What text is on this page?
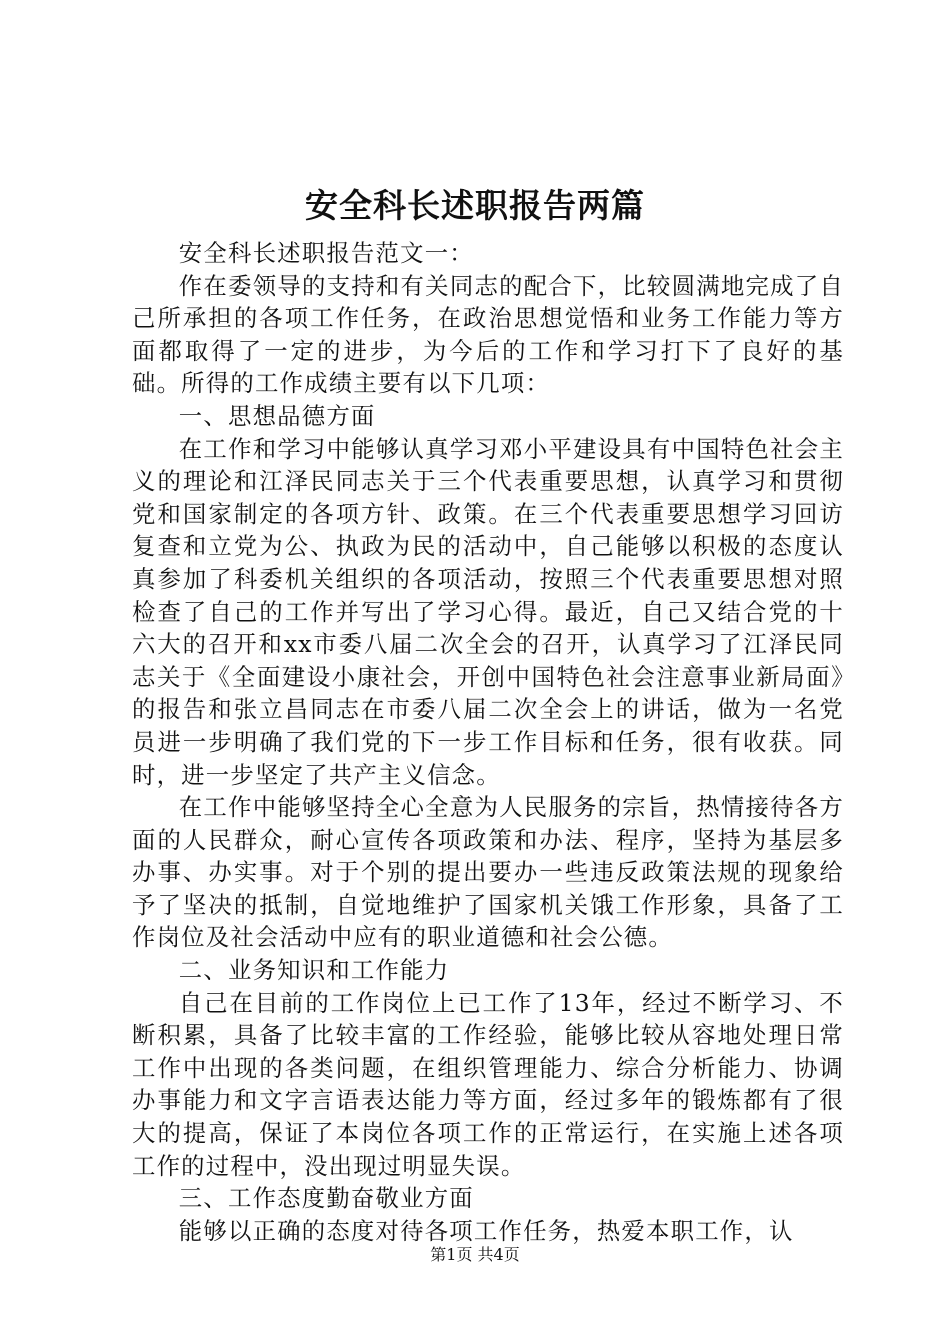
安全科长述职报告两篇

安全科长述职报告范文一：

作在委领导的支持和有关同志的配合下，比较圆满地完成了自己所承担的各项工作任务，在政治思想觉悟和业务工作能力等方面都取得了一定的进步，为今后的工作和学习打下了良好的基础。所得的工作成绩主要有以下几项：

一、思想品德方面

在工作和学习中能够认真学习邓小平建设具有中国特色社会主义的理论和江泽民同志关于三个代表重要思想，认真学习和贯彻党和国家制定的各项方针、政策。在三个代表重要思想学习回访复查和立党为公、执政为民的活动中，自己能够以积极的态度认真参加了科委机关组织的各项活动，按照三个代表重要思想对照检查了自己的工作并写出了学习心得。最近，自己又结合党的十六大的召开和xx市委八届二次全会的召开，认真学习了江泽民同志关于《全面建设小康社会，开创中国特色社会注意事业新局面》的报告和张立昌同志在市委八届二次全会上的讲话，做为一名党员进一步明确了我们党的下一步工作目标和任务，很有收获。同时，进一步坚定了共产主义信念。

在工作中能够坚持全心全意为人民服务的宗旨，热情接待各方面的人民群众，耐心宣传各项政策和办法、程序，坚持为基层多办事、办实事。对于个别的提出要办一些违反政策法规的现象给予了坚决的抵制，自觉地维护了国家机关饿工作形象，具备了工作岗位及社会活动中应有的职业道德和社会公德。

二、业务知识和工作能力

自己在目前的工作岗位上已工作了13年，经过不断学习、不断积累，具备了比较丰富的工作经验，能够比较从容地处理日常工作中出现的各类问题，在组织管理能力、综合分析能力、协调办事能力和文字言语表达能力等方面，经过多年的锻炼都有了很大的提高，保证了本岗位各项工作的正常运行，在实施上述各项工作的过程中，没出现过明显失误。

三、工作态度勤奋敬业方面

能够以正确的态度对待各项工作任务，热爱本职工作，认

第1页 共4页
